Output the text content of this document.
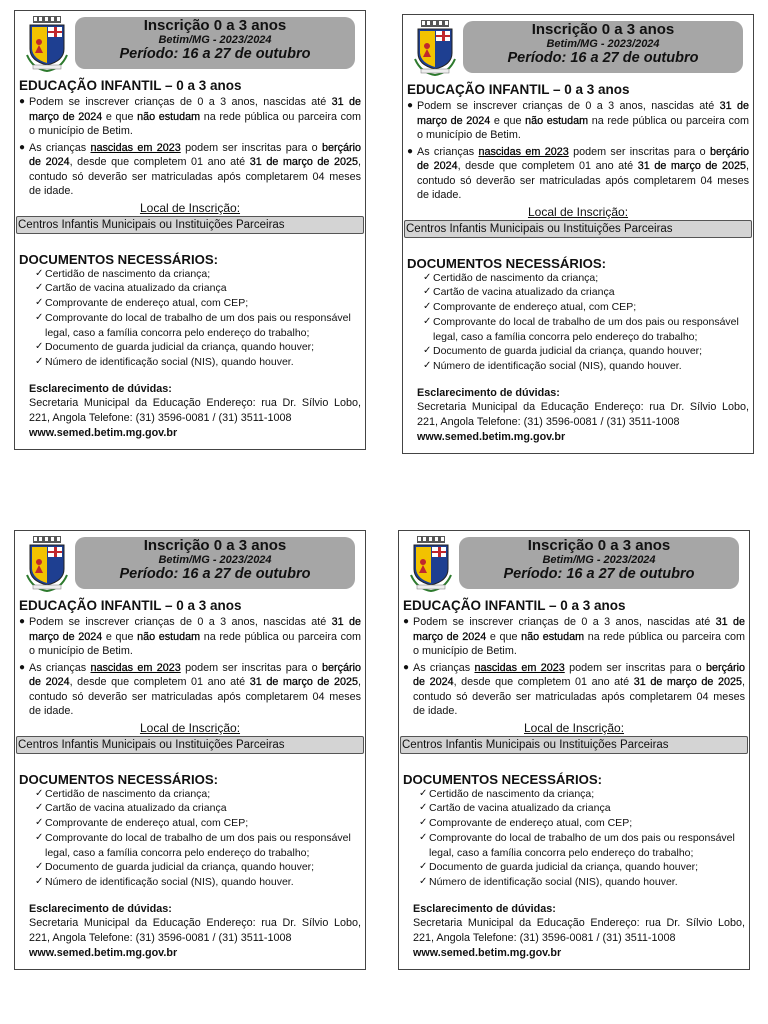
Inscrição 0 a 3 anos
Betim/MG - 2023/2024
Período: 16 a 27 de outubro
EDUCAÇÃO INFANTIL – 0 a 3 anos
● Podem se inscrever crianças de 0 a 3 anos, nascidas até 31 de março de 2024 e que não estudam na rede pública ou parceira com o município de Betim.
● As crianças nascidas em 2023 podem ser inscritas para o berçário de 2024, desde que completem 01 ano até 31 de março de 2025, contudo só deverão ser matriculadas após completarem 04 meses de idade.
Local de Inscrição:
Centros Infantis Municipais ou Instituições Parceiras
DOCUMENTOS NECESSÁRIOS:
✓ Certidão de nascimento da criança;
✓ Cartão de vacina atualizado da criança
✓ Comprovante de endereço atual, com CEP;
✓ Comprovante do local de trabalho de um dos pais ou responsável legal, caso a família concorra pelo endereço do trabalho;
✓ Documento de guarda judicial da criança, quando houver;
✓ Número de identificação social (NIS), quando houver.
Esclarecimento de dúvidas:
Secretaria Municipal da Educação Endereço: rua Dr. Sílvio Lobo, 221, Angola Telefone: (31) 3596-0081 / (31) 3511-1008
www.semed.betim.mg.gov.br
Inscrição 0 a 3 anos
Betim/MG - 2023/2024
Período: 16 a 27 de outubro
EDUCAÇÃO INFANTIL – 0 a 3 anos
● Podem se inscrever crianças de 0 a 3 anos, nascidas até 31 de março de 2024 e que não estudam na rede pública ou parceira com o município de Betim.
● As crianças nascidas em 2023 podem ser inscritas para o berçário de 2024, desde que completem 01 ano até 31 de março de 2025, contudo só deverão ser matriculadas após completarem 04 meses de idade.
Local de Inscrição:
Centros Infantis Municipais ou Instituições Parceiras
DOCUMENTOS NECESSÁRIOS:
✓ Certidão de nascimento da criança;
✓ Cartão de vacina atualizado da criança
✓ Comprovante de endereço atual, com CEP;
✓ Comprovante do local de trabalho de um dos pais ou responsável legal, caso a família concorra pelo endereço do trabalho;
✓ Documento de guarda judicial da criança, quando houver;
✓ Número de identificação social (NIS), quando houver.
Esclarecimento de dúvidas:
Secretaria Municipal da Educação Endereço: rua Dr. Sílvio Lobo, 221, Angola Telefone: (31) 3596-0081 / (31) 3511-1008
www.semed.betim.mg.gov.br
Inscrição 0 a 3 anos
Betim/MG - 2023/2024
Período: 16 a 27 de outubro
EDUCAÇÃO INFANTIL – 0 a 3 anos
● Podem se inscrever crianças de 0 a 3 anos, nascidas até 31 de março de 2024 e que não estudam na rede pública ou parceira com o município de Betim.
● As crianças nascidas em 2023 podem ser inscritas para o berçário de 2024, desde que completem 01 ano até 31 de março de 2025, contudo só deverão ser matriculadas após completarem 04 meses de idade.
Local de Inscrição:
Centros Infantis Municipais ou Instituições Parceiras
DOCUMENTOS NECESSÁRIOS:
✓ Certidão de nascimento da criança;
✓ Cartão de vacina atualizado da criança
✓ Comprovante de endereço atual, com CEP;
✓ Comprovante do local de trabalho de um dos pais ou responsável legal, caso a família concorra pelo endereço do trabalho;
✓ Documento de guarda judicial da criança, quando houver;
✓ Número de identificação social (NIS), quando houver.
Esclarecimento de dúvidas:
Secretaria Municipal da Educação Endereço: rua Dr. Sílvio Lobo, 221, Angola Telefone: (31) 3596-0081 / (31) 3511-1008
www.semed.betim.mg.gov.br
Inscrição 0 a 3 anos
Betim/MG - 2023/2024
Período: 16 a 27 de outubro
EDUCAÇÃO INFANTIL – 0 a 3 anos
● Podem se inscrever crianças de 0 a 3 anos, nascidas até 31 de março de 2024 e que não estudam na rede pública ou parceira com o município de Betim.
● As crianças nascidas em 2023 podem ser inscritas para o berçário de 2024, desde que completem 01 ano até 31 de março de 2025, contudo só deverão ser matriculadas após completarem 04 meses de idade.
Local de Inscrição:
Centros Infantis Municipais ou Instituições Parceiras
DOCUMENTOS NECESSÁRIOS:
✓ Certidão de nascimento da criança;
✓ Cartão de vacina atualizado da criança
✓ Comprovante de endereço atual, com CEP;
✓ Comprovante do local de trabalho de um dos pais ou responsável legal, caso a família concorra pelo endereço do trabalho;
✓ Documento de guarda judicial da criança, quando houver;
✓ Número de identificação social (NIS), quando houver.
Esclarecimento de dúvidas:
Secretaria Municipal da Educação Endereço: rua Dr. Sílvio Lobo, 221, Angola Telefone: (31) 3596-0081 / (31) 3511-1008
www.semed.betim.mg.gov.br
